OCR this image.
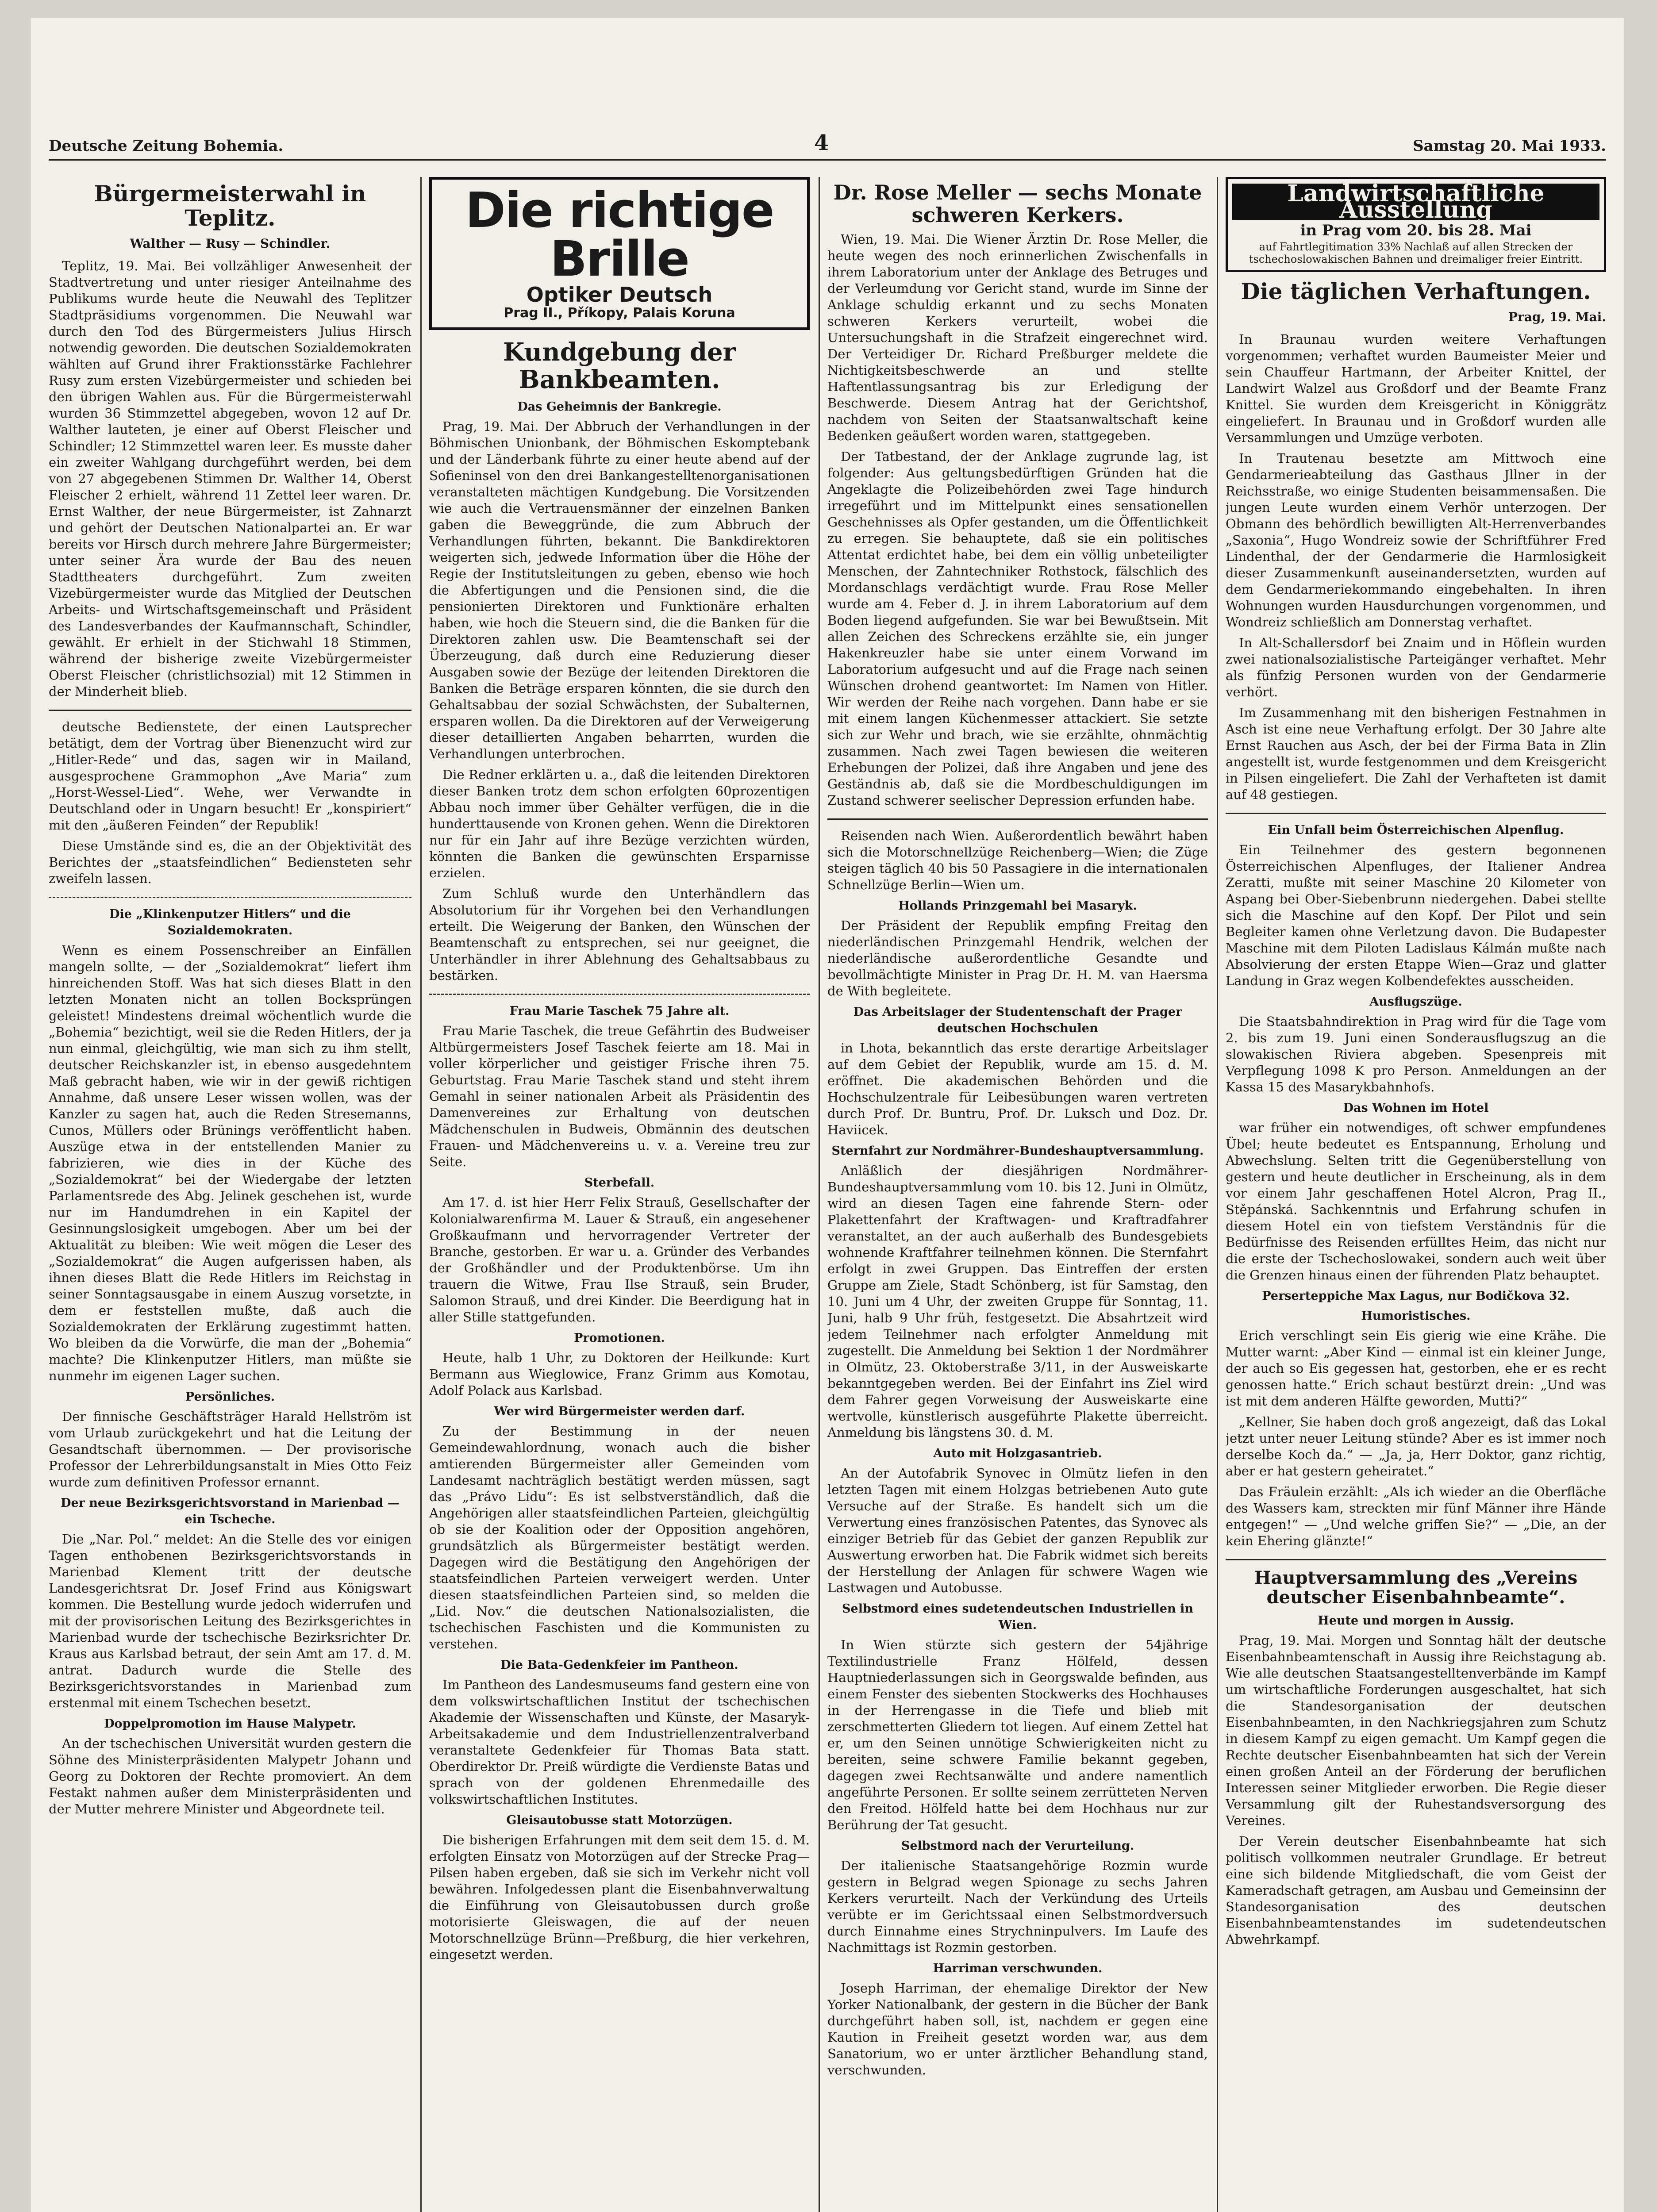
Deutsche Zeitung Bohemia.	4	Samstag 20. Mai 1933.
Bürgermeisterwahl in Teplitz.
Walther — Rusy — Schindler.

Teplitz, 19. Mai. Bei vollzähliger Anwesenheit der Stadtvertretung und unter riesiger Anteilnahme des Publikums wurde heute die Neuwahl des Teplitzer Stadtpräsidiums vorgenommen. Die Neuwahl war durch den Tod des Bürgermeisters Julius Hirsch notwendig geworden. Die deutschen Sozialdemokraten wählten auf Grund ihrer Fraktionsstärke Fachlehrer Rusy zum ersten Vizebürgermeister und schieden bei den übrigen Wahlen aus. Für die Bürgermeisterwahl wurden 36 Stimmzettel abgegeben, wovon 12 auf Dr. Walther lauteten, je einer auf Oberst Fleischer und Schindler; 12 Stimmzettel waren leer. Es musste daher ein zweiter Wahlgang durchgeführt werden, bei dem von 27 abgegebenen Stimmen Dr. Walther 14, Oberst Fleischer 2 erhielt, während 11 Zettel leer waren. Dr. Ernst Walther, der neue Bürgermeister, ist Zahnarzt und gehört der Deutschen Nationalpartei an. Er war bereits vor Hirsch durch mehrere Jahre Bürgermeister; unter seiner Ära wurde der Bau des neuen Stadttheaters durchgeführt. Zum zweiten Vizebürgermeister wurde das Mitglied der Deutschen Arbeits- und Wirtschaftsgemeinschaft und Präsident des Landesverbandes der Kaufmannschaft, Schindler, gewählt. Er erhielt in der Stichwahl 18 Stimmen, während der bisherige zweite Vizebürgermeister Oberst Fleischer (christlichsozial) mit 12 Stimmen in der Minderheit blieb.

deutsche Bedienstete, der einen Lautsprecher betätigt, dem der Vortrag über Bienenzucht wird zur „Hitler-Rede“ und das, sagen wir in Mailand, ausgesprochene Grammophon „Ave Maria“ zum „Horst-Wessel-Lied“. Wehe, wer Verwandte in Deutschland oder in Ungarn besucht! Er „konspiriert“ mit den „äußeren Feinden“ der Republik!

Diese Umstände sind es, die an der Objektivität des Berichtes der „staatsfeindlichen“ Bediensteten sehr zweifeln lassen.

Die „Klinkenputzer Hitlers“ und die Sozialdemokraten.

Wenn es einem Possenschreiber an Einfällen mangeln sollte, — der „Sozialdemokrat“ liefert ihm hinreichenden Stoff. Was hat sich dieses Blatt in den letzten Monaten nicht an tollen Bocksprüngen geleistet! Mindestens dreimal wöchentlich wurde die „Bohemia“ bezichtigt, weil sie die Reden Hitlers, der ja nun einmal, gleichgültig, wie man sich zu ihm stellt, deutscher Reichskanzler ist, in ebenso ausgedehntem Maß gebracht haben, wie wir in der gewiß richtigen Annahme, daß unsere Leser wissen wollen, was der Kanzler zu sagen hat, auch die Reden Stresemanns, Cunos, Müllers oder Brünings veröffentlicht haben. Auszüge etwa in der entstellenden Manier zu fabrizieren, wie dies in der Küche des „Sozialdemokrat“ bei der Wiedergabe der letzten Parlamentsrede des Abg. Jelinek geschehen ist, wurde nur im Handumdrehen in ein Kapitel der Gesinnungslosigkeit umgebogen. Aber um bei der Aktualität zu bleiben: Wie weit mögen die Leser des „Sozialdemokrat“ die Augen aufgerissen haben, als ihnen dieses Blatt die Rede Hitlers im Reichstag in seiner Sonntagsausgabe in einem Auszug vorsetzte, in dem er feststellen mußte, daß auch die Sozialdemokraten der Erklärung zugestimmt hatten. Wo bleiben da die Vorwürfe, die man der „Bohemia“ machte? Die Klinkenputzer Hitlers, man müßte sie nunmehr im eigenen Lager suchen.

Persönliches.

Der finnische Geschäftsträger Harald Hellström ist vom Urlaub zurückgekehrt und hat die Leitung der Gesandtschaft übernommen. — Der provisorische Professor der Lehrerbildungsanstalt in Mies Otto Feiz wurde zum definitiven Professor ernannt.

Der neue Bezirksgerichtsvorstand in Marienbad — ein Tscheche.

Die „Nar. Pol.“ meldet: An die Stelle des vor einigen Tagen enthobenen Bezirksgerichtsvorstands in Marienbad Klement tritt der deutsche Landesgerichtsrat Dr. Josef Frind aus Königswart kommen. Die Bestellung wurde jedoch widerrufen und mit der provisorischen Leitung des Bezirksgerichtes in Marienbad wurde der tschechische Bezirksrichter Dr. Kraus aus Karlsbad betraut, der sein Amt am 17. d. M. antrat. Dadurch wurde die Stelle des Bezirksgerichtsvorstandes in Marienbad zum erstenmal mit einem Tschechen besetzt.

Doppelpromotion im Hause Malypetr.

An der tschechischen Universität wurden gestern die Söhne des Ministerpräsidenten Malypetr Johann und Georg zu Doktoren der Rechte promoviert. An dem Festakt nahmen außer dem Ministerpräsidenten und der Mutter mehrere Minister und Abgeordnete teil.

Die richtige Brille
Optiker Deutsch
Prag II., Příkopy, Palais Koruna
Kundgebung der Bankbeamten.
Das Geheimnis der Bankregie.

Prag, 19. Mai. Der Abbruch der Verhandlungen in der Böhmischen Unionbank, der Böhmischen Eskomptebank und der Länderbank führte zu einer heute abend auf der Sofieninsel von den drei Bankangestelltenorganisationen veranstalteten mächtigen Kundgebung. Die Vorsitzenden wie auch die Vertrauensmänner der einzelnen Banken gaben die Beweggründe, die zum Abbruch der Verhandlungen führten, bekannt. Die Bankdirektoren weigerten sich, jedwede Information über die Höhe der Regie der Institutsleitungen zu geben, ebenso wie hoch die Abfertigungen und die Pensionen sind, die die pensionierten Direktoren und Funktionäre erhalten haben, wie hoch die Steuern sind, die die Banken für die Direktoren zahlen usw. Die Beamtenschaft sei der Überzeugung, daß durch eine Reduzierung dieser Ausgaben sowie der Bezüge der leitenden Direktoren die Banken die Beträge ersparen könnten, die sie durch den Gehaltsabbau der sozial Schwächsten, der Subalternen, ersparen wollen. Da die Direktoren auf der Verweigerung dieser detaillierten Angaben beharrten, wurden die Verhandlungen unterbrochen.

Die Redner erklärten u. a., daß die leitenden Direktoren dieser Banken trotz dem schon erfolgten 60prozentigen Abbau noch immer über Gehälter verfügen, die in die hunderttausende von Kronen gehen. Wenn die Direktoren nur für ein Jahr auf ihre Bezüge verzichten würden, könnten die Banken die gewünschten Ersparnisse erzielen.

Zum Schluß wurde den Unterhändlern das Absolutorium für ihr Vorgehen bei den Verhandlungen erteilt. Die Weigerung der Banken, den Wünschen der Beamtenschaft zu entsprechen, sei nur geeignet, die Unterhändler in ihrer Ablehnung des Gehaltsabbaus zu bestärken.

Frau Marie Taschek 75 Jahre alt.

Frau Marie Taschek, die treue Gefährtin des Budweiser Altbürgermeisters Josef Taschek feierte am 18. Mai in voller körperlicher und geistiger Frische ihren 75. Geburtstag. Frau Marie Taschek stand und steht ihrem Gemahl in seiner nationalen Arbeit als Präsidentin des Damenvereines zur Erhaltung von deutschen Mädchenschulen in Budweis, Obmännin des deutschen Frauen- und Mädchenvereins u. v. a. Vereine treu zur Seite.

Sterbefall.

Am 17. d. ist hier Herr Felix Strauß, Gesellschafter der Kolonialwarenfirma M. Lauer & Strauß, ein angesehener Großkaufmann und hervorragender Vertreter der Branche, gestorben. Er war u. a. Gründer des Verbandes der Großhändler und der Produktenbörse. Um ihn trauern die Witwe, Frau Ilse Strauß, sein Bruder, Salomon Strauß, und drei Kinder. Die Beerdigung hat in aller Stille stattgefunden.

Promotionen.

Heute, halb 1 Uhr, zu Doktoren der Heilkunde: Kurt Bermann aus Wieglowice, Franz Grimm aus Komotau, Adolf Polack aus Karlsbad.

Wer wird Bürgermeister werden darf.

Zu der Bestimmung in der neuen Gemeindewahlordnung, wonach auch die bisher amtierenden Bürgermeister aller Gemeinden vom Landesamt nachträglich bestätigt werden müssen, sagt das „Právo Lidu“: Es ist selbstverständlich, daß die Angehörigen aller staatsfeindlichen Parteien, gleichgültig ob sie der Koalition oder der Opposition angehören, grundsätzlich als Bürgermeister bestätigt werden. Dagegen wird die Bestätigung den Angehörigen der staatsfeindlichen Parteien verweigert werden. Unter diesen staatsfeindlichen Parteien sind, so melden die „Lid. Nov.“ die deutschen Nationalsozialisten, die tschechischen Faschisten und die Kommunisten zu verstehen.

Die Bata-Gedenkfeier im Pantheon.

Im Pantheon des Landesmuseums fand gestern eine von dem volkswirtschaftlichen Institut der tschechischen Akademie der Wissenschaften und Künste, der Masaryk-Arbeitsakademie und dem Industriellenzentralverband veranstaltete Gedenkfeier für Thomas Bata statt. Oberdirektor Dr. Preiß würdigte die Verdienste Batas und sprach von der goldenen Ehrenmedaille des volkswirtschaftlichen Institutes.

Gleisautobusse statt Motorzügen.

Die bisherigen Erfahrungen mit dem seit dem 15. d. M. erfolgten Einsatz von Motorzügen auf der Strecke Prag—Pilsen haben ergeben, daß sie sich im Verkehr nicht voll bewähren. Infolgedessen plant die Eisenbahnverwaltung die Einführung von Gleisautobussen durch große motorisierte Gleiswagen, die auf der neuen Motorschnellzüge Brünn—Preßburg, die hier verkehren, eingesetzt werden.

Dr. Rose Meller — sechs Monate schweren Kerkers.

Wien, 19. Mai. Die Wiener Ärztin Dr. Rose Meller, die heute wegen des noch erinnerlichen Zwischenfalls in ihrem Laboratorium unter der Anklage des Betruges und der Verleumdung vor Gericht stand, wurde im Sinne der Anklage schuldig erkannt und zu sechs Monaten schweren Kerkers verurteilt, wobei die Untersuchungshaft in die Strafzeit eingerechnet wird. Der Verteidiger Dr. Richard Preßburger meldete die Nichtigkeitsbeschwerde an und stellte Haftentlassungsantrag bis zur Erledigung der Beschwerde. Diesem Antrag hat der Gerichtshof, nachdem von Seiten der Staatsanwaltschaft keine Bedenken geäußert worden waren, stattgegeben.

Der Tatbestand, der der Anklage zugrunde lag, ist folgender: Aus geltungsbedürftigen Gründen hat die Angeklagte die Polizeibehörden zwei Tage hindurch irregeführt und im Mittelpunkt eines sensationellen Geschehnisses als Opfer gestanden, um die Öffentlichkeit zu erregen. Sie behauptete, daß sie ein politisches Attentat erdichtet habe, bei dem ein völlig unbeteiligter Menschen, der Zahntechniker Rothstock, fälschlich des Mordanschlags verdächtigt wurde. Frau Rose Meller wurde am 4. Feber d. J. in ihrem Laboratorium auf dem Boden liegend aufgefunden. Sie war bei Bewußtsein. Mit allen Zeichen des Schreckens erzählte sie, ein junger Hakenkreuzler habe sie unter einem Vorwand im Laboratorium aufgesucht und auf die Frage nach seinen Wünschen drohend geantwortet: Im Namen von Hitler. Wir werden der Reihe nach vorgehen. Dann habe er sie mit einem langen Küchenmesser attackiert. Sie setzte sich zur Wehr und brach, wie sie erzählte, ohnmächtig zusammen. Nach zwei Tagen bewiesen die weiteren Erhebungen der Polizei, daß ihre Angaben und jene des Geständnis ab, daß sie die Mordbeschuldigungen im Zustand schwerer seelischer Depression erfunden habe.

Reisenden nach Wien. Außerordentlich bewährt haben sich die Motorschnellzüge Reichenberg—Wien; die Züge steigen täglich 40 bis 50 Passagiere in die internationalen Schnellzüge Berlin—Wien um.

Hollands Prinzgemahl bei Masaryk.

Der Präsident der Republik empfing Freitag den niederländischen Prinzgemahl Hendrik, welchen der niederländische außerordentliche Gesandte und bevollmächtigte Minister in Prag Dr. H. M. van Haersma de With begleitete.

Das Arbeitslager der Studentenschaft der Prager deutschen Hochschulen

in Lhota, bekanntlich das erste derartige Arbeitslager auf dem Gebiet der Republik, wurde am 15. d. M. eröffnet. Die akademischen Behörden und die Hochschulzentrale für Leibesübungen waren vertreten durch Prof. Dr. Buntru, Prof. Dr. Luksch und Doz. Dr. Haviicek.

Sternfahrt zur Nordmährer-Bundeshauptversammlung.

Anläßlich der diesjährigen Nordmährer-Bundeshauptversammlung vom 10. bis 12. Juni in Olmütz, wird an diesen Tagen eine fahrende Stern- oder Plakettenfahrt der Kraftwagen- und Kraftradfahrer veranstaltet, an der auch außerhalb des Bundesgebiets wohnende Kraftfahrer teilnehmen können. Die Sternfahrt erfolgt in zwei Gruppen. Das Eintreffen der ersten Gruppe am Ziele, Stadt Schönberg, ist für Samstag, den 10. Juni um 4 Uhr, der zweiten Gruppe für Sonntag, 11. Juni, halb 9 Uhr früh, festgesetzt. Die Absahrtzeit wird jedem Teilnehmer nach erfolgter Anmeldung mit zugestellt. Die Anmeldung bei Sektion 1 der Nordmährer in Olmütz, 23. Oktoberstraße 3/11, in der Ausweiskarte bekanntgegeben werden. Bei der Einfahrt ins Ziel wird dem Fahrer gegen Vorweisung der Ausweiskarte eine wertvolle, künstlerisch ausgeführte Plakette überreicht. Anmeldung bis längstens 30. d. M.

Auto mit Holzgasantrieb.

An der Autofabrik Synovec in Olmütz liefen in den letzten Tagen mit einem Holzgas betriebenen Auto gute Versuche auf der Straße. Es handelt sich um die Verwertung eines französischen Patentes, das Synovec als einziger Betrieb für das Gebiet der ganzen Republik zur Auswertung erworben hat. Die Fabrik widmet sich bereits der Herstellung der Anlagen für schwere Wagen wie Lastwagen und Autobusse.

Selbstmord eines sudetendeutschen Industriellen in Wien.

In Wien stürzte sich gestern der 54jährige Textilindustrielle Franz Hölfeld, dessen Hauptniederlassungen sich in Georgswalde befinden, aus einem Fenster des siebenten Stockwerks des Hochhauses in der Herrengasse in die Tiefe und blieb mit zerschmetterten Gliedern tot liegen. Auf einem Zettel hat er, um den Seinen unnötige Schwierigkeiten nicht zu bereiten, seine schwere Familie bekannt gegeben, dagegen zwei Rechtsanwälte und andere namentlich angeführte Personen. Er sollte seinem zerrütteten Nerven den Freitod. Hölfeld hatte bei dem Hochhaus nur zur Berührung der Tat gesucht.

Selbstmord nach der Verurteilung.

Der italienische Staatsangehörige Rozmin wurde gestern in Belgrad wegen Spionage zu sechs Jahren Kerkers verurteilt. Nach der Verkündung des Urteils verübte er im Gerichtssaal einen Selbstmordversuch durch Einnahme eines Strychninpulvers. Im Laufe des Nachmittags ist Rozmin gestorben.

Harriman verschwunden.

Joseph Harriman, der ehemalige Direktor der New Yorker Nationalbank, der gestern in die Bücher der Bank durchgeführt haben soll, ist, nachdem er gegen eine Kaution in Freiheit gesetzt worden war, aus dem Sanatorium, wo er unter ärztlicher Behandlung stand, verschwunden.

Landwirtschaftliche Ausstellung
in Prag vom 20. bis 28. Mai
auf Fahrtlegitimation 33% Nachlaß auf allen Strecken der tschechoslowakischen Bahnen und dreimaliger freier Eintritt.
Die täglichen Verhaftungen.
Prag, 19. Mai.

In Braunau wurden weitere Verhaftungen vorgenommen; verhaftet wurden Baumeister Meier und sein Chauffeur Hartmann, der Arbeiter Knittel, der Landwirt Walzel aus Großdorf und der Beamte Franz Knittel. Sie wurden dem Kreisgericht in Königgrätz eingeliefert. In Braunau und in Großdorf wurden alle Versammlungen und Umzüge verboten.

In Trautenau besetzte am Mittwoch eine Gendarmerieabteilung das Gasthaus Jllner in der Reichsstraße, wo einige Studenten beisammensaßen. Die jungen Leute wurden einem Verhör unterzogen. Der Obmann des behördlich bewilligten Alt-Herrenverbandes „Saxonia“, Hugo Wondreiz sowie der Schriftführer Fred Lindenthal, der der Gendarmerie die Harmlosigkeit dieser Zusammenkunft auseinandersetzten, wurden auf dem Gendarmeriekommando eingebehalten. In ihren Wohnungen wurden Hausdurchungen vorgenommen, und Wondreiz schließlich am Donnerstag verhaftet.

In Alt-Schallersdorf bei Znaim und in Höflein wurden zwei nationalsozialistische Parteigänger verhaftet. Mehr als fünfzig Personen wurden von der Gendarmerie verhört.

Im Zusammenhang mit den bisherigen Festnahmen in Asch ist eine neue Verhaftung erfolgt. Der 30 Jahre alte Ernst Rauchen aus Asch, der bei der Firma Bata in Zlin angestellt ist, wurde festgenommen und dem Kreisgericht in Pilsen eingeliefert. Die Zahl der Verhafteten ist damit auf 48 gestiegen.

Ein Unfall beim Österreichischen Alpenflug.

Ein Teilnehmer des gestern begonnenen Österreichischen Alpenfluges, der Italiener Andrea Zeratti, mußte mit seiner Maschine 20 Kilometer von Aspang bei Ober-Siebenbrunn niedergehen. Dabei stellte sich die Maschine auf den Kopf. Der Pilot und sein Begleiter kamen ohne Verletzung davon. Die Budapester Maschine mit dem Piloten Ladislaus Kálmán mußte nach Absolvierung der ersten Etappe Wien—Graz und glatter Landung in Graz wegen Kolbendefektes ausscheiden.

Ausflugszüge.

Die Staatsbahndirektion in Prag wird für die Tage vom 2. bis zum 19. Juni einen Sonderausflugszug an die slowakischen Riviera abgeben. Spesenpreis mit Verpflegung 1098 K pro Person. Anmeldungen an der Kassa 15 des Masarykbahnhofs.

Das Wohnen im Hotel

war früher ein notwendiges, oft schwer empfundenes Übel; heute bedeutet es Entspannung, Erholung und Abwechslung. Selten tritt die Gegenüberstellung von gestern und heute deutlicher in Erscheinung, als in dem vor einem Jahr geschaffenen Hotel Alcron, Prag II., Stěpánská. Sachkenntnis und Erfahrung schufen in diesem Hotel ein von tiefstem Verständnis für die Bedürfnisse des Reisenden erfülltes Heim, das nicht nur die erste der Tschechoslowakei, sondern auch weit über die Grenzen hinaus einen der führenden Platz behauptet.

Perserteppiche Max Lagus, nur Bodičkova 32.
Humoristisches.

Erich verschlingt sein Eis gierig wie eine Krähe. Die Mutter warnt: „Aber Kind — einmal ist ein kleiner Junge, der auch so Eis gegessen hat, gestorben, ehe er es recht genossen hatte.“ Erich schaut bestürzt drein: „Und was ist mit dem anderen Hälfte geworden, Mutti?“

„Kellner, Sie haben doch groß angezeigt, daß das Lokal jetzt unter neuer Leitung stünde? Aber es ist immer noch derselbe Koch da.“ — „Ja, ja, Herr Doktor, ganz richtig, aber er hat gestern geheiratet.“

Das Fräulein erzählt: „Als ich wieder an die Oberfläche des Wassers kam, streckten mir fünf Männer ihre Hände entgegen!“ — „Und welche griffen Sie?“ — „Die, an der kein Ehering glänzte!“

Hauptversammlung des „Vereins deutscher Eisenbahnbeamte“.
Heute und morgen in Aussig.

Prag, 19. Mai. Morgen und Sonntag hält der deutsche Eisenbahnbeamtenschaft in Aussig ihre Reichstagung ab. Wie alle deutschen Staatsangestelltenverbände im Kampf um wirtschaftliche Forderungen ausgeschaltet, hat sich die Standesorganisation der deutschen Eisenbahnbeamten, in den Nachkriegsjahren zum Schutz in diesem Kampf zu eigen gemacht. Um Kampf gegen die Rechte deutscher Eisenbahnbeamten hat sich der Verein einen großen Anteil an der Förderung der beruflichen Interessen seiner Mitglieder erworben. Die Regie dieser Versammlung gilt der Ruhestandsversorgung des Vereines.

Der Verein deutscher Eisenbahnbeamte hat sich politisch vollkommen neutraler Grundlage. Er betreut eine sich bildende Mitgliedschaft, die vom Geist der Kameradschaft getragen, am Ausbau und Gemeinsinn der Standesorganisation des deutschen Eisenbahnbeamtenstandes im sudetendeutschen Abwehrkampf.
